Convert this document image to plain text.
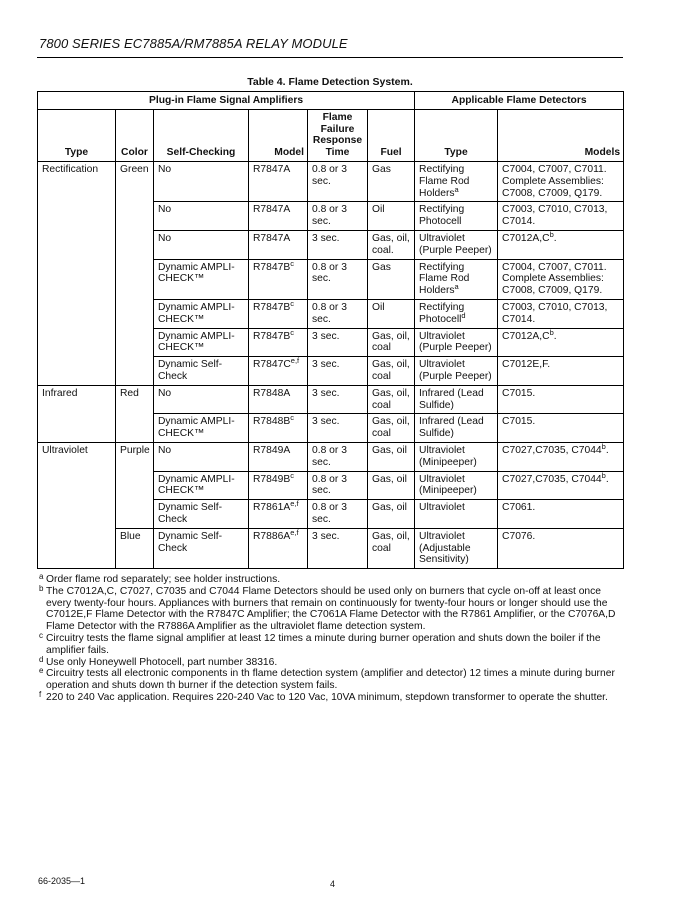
7800 SERIES EC7885A/RM7885A RELAY MODULE
Table 4. Flame Detection System.
Plug-in Flame Signal Amplifiers						Applicable Flame Detectors	
Type	Color	Self-Checking	Model	Flame Failure Response Time	Fuel	Type	Models
Rectification	Green	No	R7847A	0.8 or 3 sec.	Gas	Rectifying Flame Rod Holders$^a$	C7004, C7007, C7011. Complete Assemblies: C7008, C7009, Q179.
		No	R7847A	0.8 or 3 sec.	Oil	Rectifying Photocell	C7003, C7010, C7013, C7014.
		No	R7847A	3 sec.	Gas, oil, coal.	Ultraviolet (Purple Peeper)	$C7012A,C^b$.
		Dynamic AMPLI-CHECK™	$R7847B^c$	0.8 or 3 sec.	Gas	Rectifying Flame Rod Holders$^a$	C7004, C7007, C7011. Complete Assemblies: C7008, C7009, Q179.
		Dynamic AMPLI-CHECK™	$R7847B^c$	0.8 or 3 sec.	Oil	Rectifying Photocell$^d$	C7003, C7010, C7013, C7014.
		Dynamic AMPLI-CHECK™	$R7847B^c$	3 sec.	Gas, oil, coal	Ultraviolet (Purple Peeper)	$C7012A,C^b$.
		Dynamic Self-Check	$R7847C^{e,f}$	3 sec.	Gas, oil, coal	Ultraviolet (Purple Peeper)	C7012E,F.
Infrared	Red	No	R7848A	3 sec.	Gas, oil, coal	Infrared (Lead Sulfide)	C7015.
		Dynamic AMPLI-CHECK™	$R7848B^c$	3 sec.	Gas, oil, coal	Infrared (Lead Sulfide)	C7015.
Ultraviolet	Purple	No	R7849A	0.8 or 3 sec.	Gas, oil	Ultraviolet (Minipeeper)	C7027,C7035, C7044$^b$.
		Dynamic AMPLI-CHECK™	$R7849B^c$	0.8 or 3 sec.	Gas, oil	Ultraviolet (Minipeeper)	C7027,C7035, C7044$^b$.
		Dynamic Self-Check	$R7861A^{e,f}$	0.8 or 3 sec.	Gas, oil	Ultraviolet	C7061.
	Blue	Dynamic Self-Check	$R7886A^{e,f}$	3 sec.	Gas, oil, coal	Ultraviolet (Adjustable Sensitivity)	C7076.

a Order flame rod separately; see holder instructions.

b The C7012A,C, C7027, C7035 and C7044 Flame Detectors should be used only on burners that cycle on-off at least once every twenty-four hours. Appliances with burners that remain on continuously for twenty-four hours or longer should use the C7012E,F Flame Detector with the R7847C Amplifier; the C7061A Flame Detector with the R7861 Amplifier, or the C7076A,D Flame Detector with the R7886A Amplifier as the ultraviolet flame detection system.

c Circuitry tests the flame signal amplifier at least 12 times a minute during burner operation and shuts down the boiler if the amplifier fails.

d Use only Honeywell Photocell, part number 38316.

e Circuitry tests all electronic components in th flame detection system (amplifier and detector) 12 times a minute during burner operation and shuts down th burner if the detection system fails.

f 220 to 240 Vac application. Requires 220-240 Vac to 120 Vac, 10VA minimum, stepdown transformer to operate the shutter.

66-2035—1	4
